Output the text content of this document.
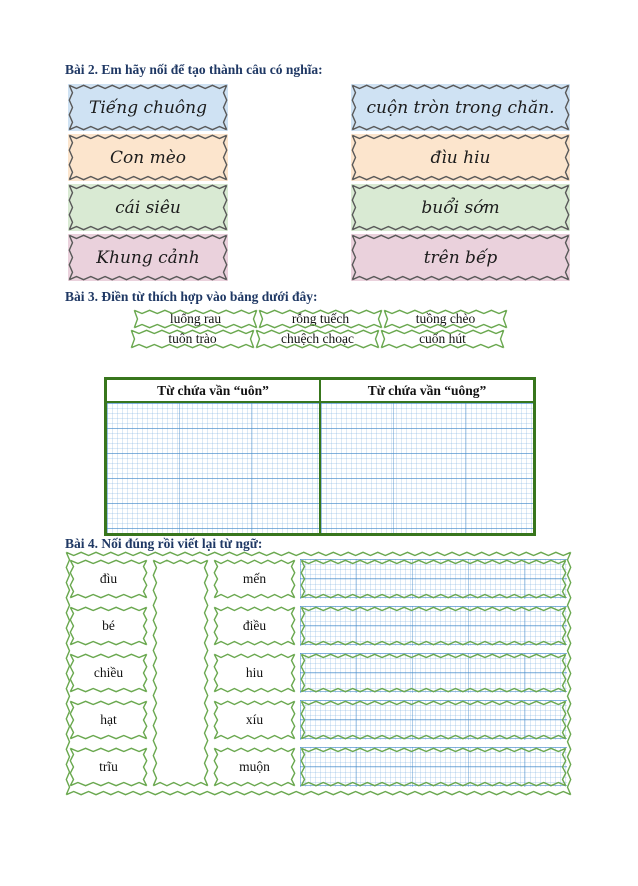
Bài 2. Em hãy nối để tạo thành câu có nghĩa:
Tiếng chuông
Con mèo
cái siêu
Khung cảnh
cuộn tròn trong chăn.
đìu hiu
buổi sớm
trên bếp
Bài 3. Điền từ thích hợp vào bảng dưới đây:
luống rau	rỗng tuếch	tuồng chèo
tuôn trào	chuệch choạc	cuốn hút
Từ chứa vần “uôn”	Từ chứa vần “uông”
Bài 4. Nối đúng rồi viết lại từ ngữ:
đìu
bé
chiều
hạt
trĩu
mến
điều
hiu
xíu
muộn
